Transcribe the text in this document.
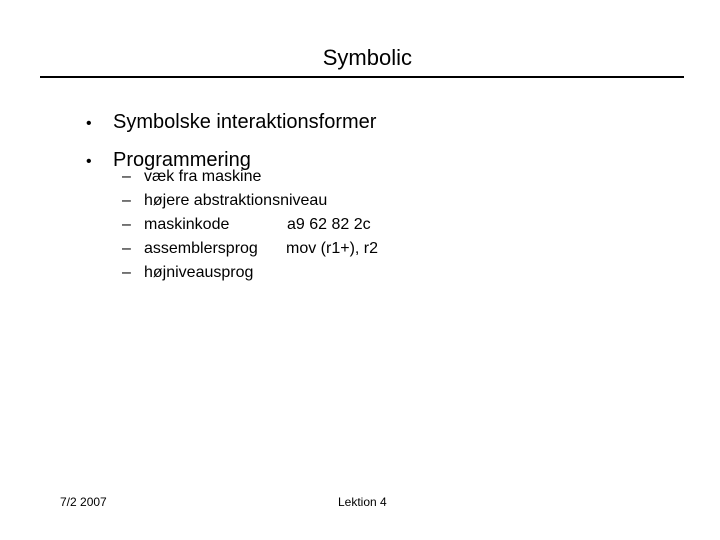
Symbolic
• Symbolske interaktionsformer
• Programmering
– væk fra maskine
– højere abstraktionsniveau
– maskinkode	a9 62 82 2c
– assemblersprog mov (r1+), r2
– højniveausprog
7/2 2007	Lektion 4
